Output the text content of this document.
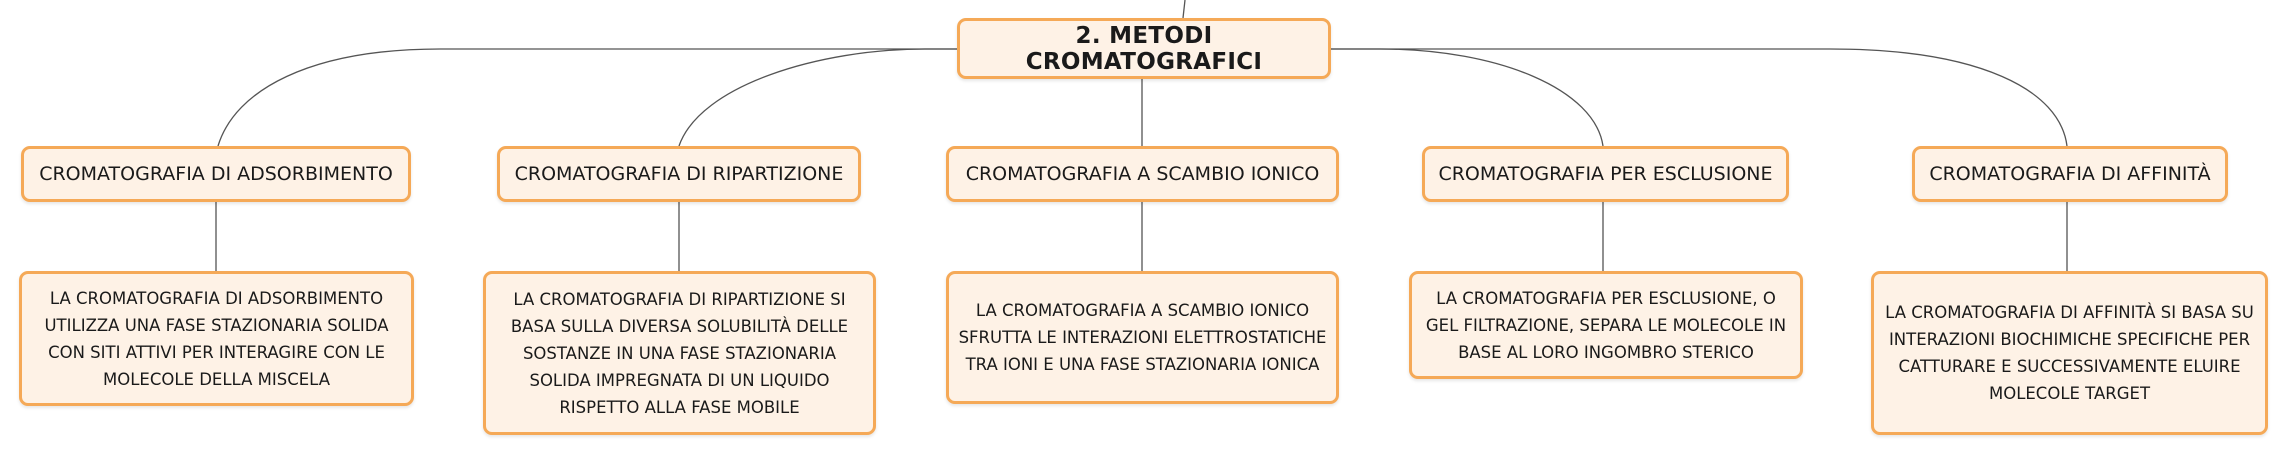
2. METODI CROMATOGRAFICI
CROMATOGRAFIA DI ADSORBIMENTO	CROMATOGRAFIA DI RIPARTIZIONE	CROMATOGRAFIA A SCAMBIO IONICO	CROMATOGRAFIA PER ESCLUSIONE	CROMATOGRAFIA DI AFFINITÀ
LA CROMATOGRAFIA DI ADSORBIMENTO UTILIZZA UNA FASE STAZIONARIA SOLIDA CON SITI ATTIVI PER INTERAGIRE CON LE MOLECOLE DELLA MISCELA
LA CROMATOGRAFIA DI RIPARTIZIONE SI BASA SULLA DIVERSA SOLUBILITÀ DELLE SOSTANZE IN UNA FASE STAZIONARIA SOLIDA IMPREGNATA DI UN LIQUIDO RISPETTO ALLA FASE MOBILE
LA CROMATOGRAFIA A SCAMBIO IONICO SFRUTTA LE INTERAZIONI ELETTROSTATICHE TRA IONI E UNA FASE STAZIONARIA IONICA
LA CROMATOGRAFIA PER ESCLUSIONE, O GEL FILTRAZIONE, SEPARA LE MOLECOLE IN BASE AL LORO INGOMBRO STERICO
LA CROMATOGRAFIA DI AFFINITÀ SI BASA SU INTERAZIONI BIOCHIMICHE SPECIFICHE PER CATTURARE E SUCCESSIVAMENTE ELUIRE MOLECOLE TARGET
